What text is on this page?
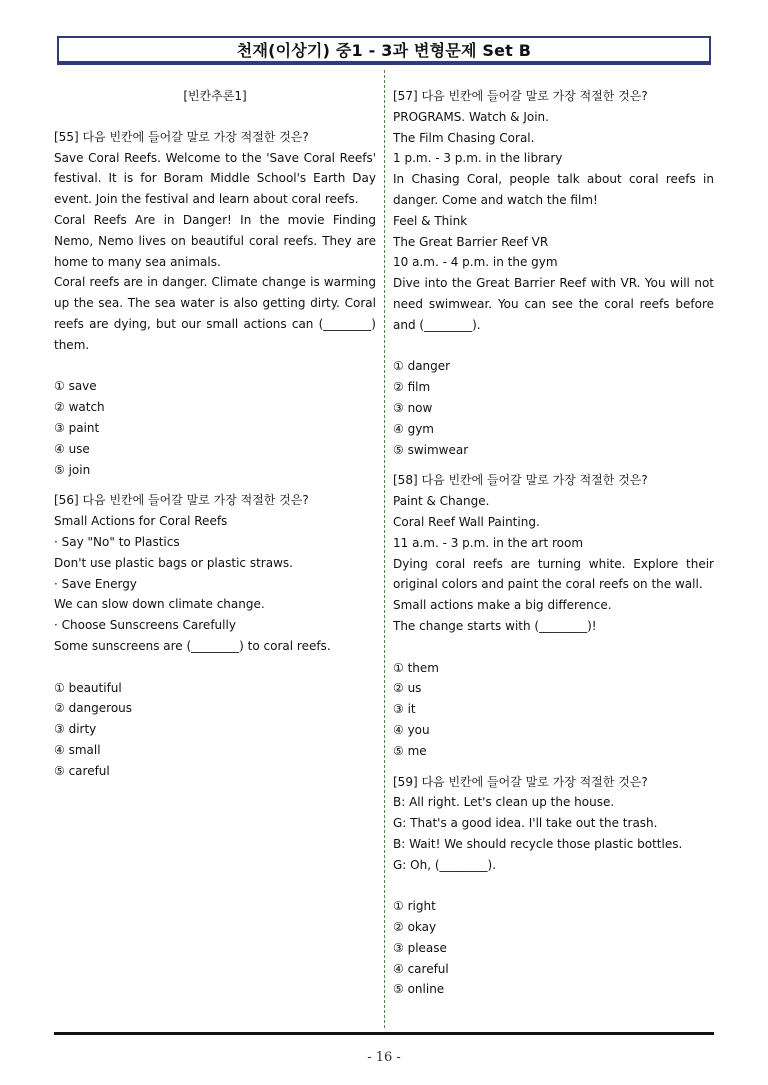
천재(이상기) 중1 - 3과 변형문제 Set B
[빈칸추론1]
[55] 다음 빈칸에 들어갈 말로 가장 적절한 것은?
Save Coral Reefs. Welcome to the 'Save Coral Reefs' festival. It is for Boram Middle School's Earth Day event. Join the festival and learn about coral reefs.
Coral Reefs Are in Danger! In the movie Finding Nemo, Nemo lives on beautiful coral reefs. They are home to many sea animals.
Coral reefs are in danger. Climate change is warming up the sea. The sea water is also getting dirty. Coral reefs are dying, but our small actions can (________) them.
① save
② watch
③ paint
④ use
⑤ join
[56] 다음 빈칸에 들어갈 말로 가장 적절한 것은?
Small Actions for Coral Reefs
· Say "No" to Plastics
Don't use plastic bags or plastic straws.
· Save Energy
We can slow down climate change.
· Choose Sunscreens Carefully
Some sunscreens are (________) to coral reefs.
① beautiful
② dangerous
③ dirty
④ small
⑤ careful
[57] 다음 빈칸에 들어갈 말로 가장 적절한 것은?
PROGRAMS. Watch & Join.
The Film Chasing Coral.
1 p.m. - 3 p.m. in the library
In Chasing Coral, people talk about coral reefs in danger. Come and watch the film!
Feel & Think
The Great Barrier Reef VR
10 a.m. - 4 p.m. in the gym
Dive into the Great Barrier Reef with VR. You will not need swimwear. You can see the coral reefs before and (________).
① danger
② film
③ now
④ gym
⑤ swimwear
[58] 다음 빈칸에 들어갈 말로 가장 적절한 것은?
Paint & Change.
Coral Reef Wall Painting.
11 a.m. - 3 p.m. in the art room
Dying coral reefs are turning white. Explore their original colors and paint the coral reefs on the wall.
Small actions make a big difference.
The change starts with (________)!
① them
② us
③ it
④ you
⑤ me
[59] 다음 빈칸에 들어갈 말로 가장 적절한 것은?
B: All right. Let's clean up the house.
G: That's a good idea. I'll take out the trash.
B: Wait! We should recycle those plastic bottles.
G: Oh, (________).
① right
② okay
③ please
④ careful
⑤ online
- 16 -
